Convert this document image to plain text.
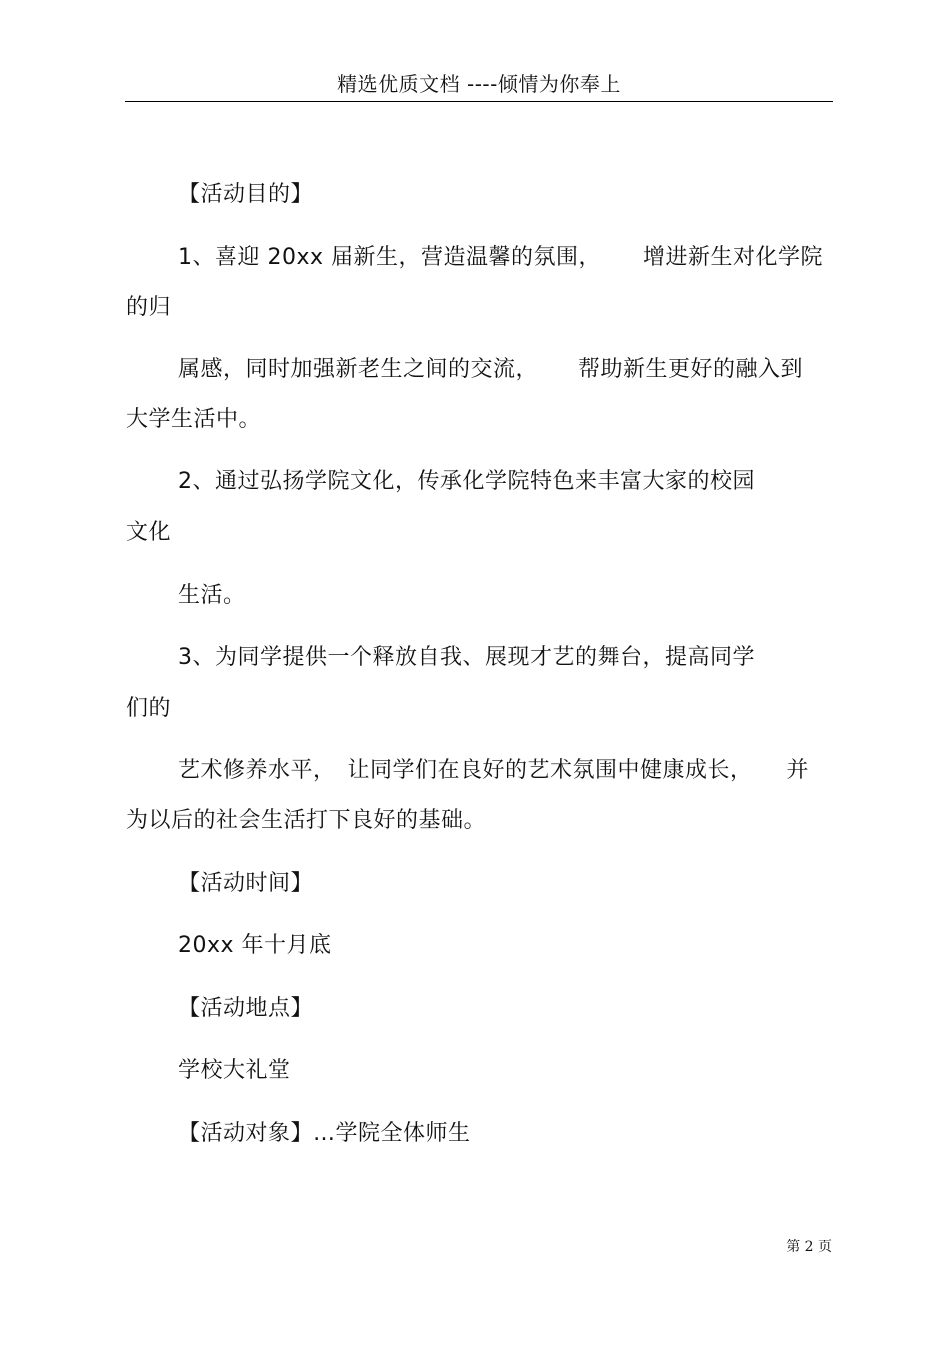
精选优质文档 ----倾情为你奉上
【活动目的】
1、喜迎 20xx 届新生，营造温馨的氛围， 增进新生对化学院
的归
属感，同时加强新老生之间的交流， 帮助新生更好的融入到
大学生活中。
2、通过弘扬学院文化，传承化学院特色来丰富大家的校园
文化
生活。
3、为同学提供一个释放自我、展现才艺的舞台，提高同学
们的
艺术修养水平， 让同学们在良好的艺术氛围中健康成长， 并
为以后的社会生活打下良好的基础。
【活动时间】
20xx 年十月底
【活动地点】
学校大礼堂
【活动对象】…学院全体师生
第 2 页
